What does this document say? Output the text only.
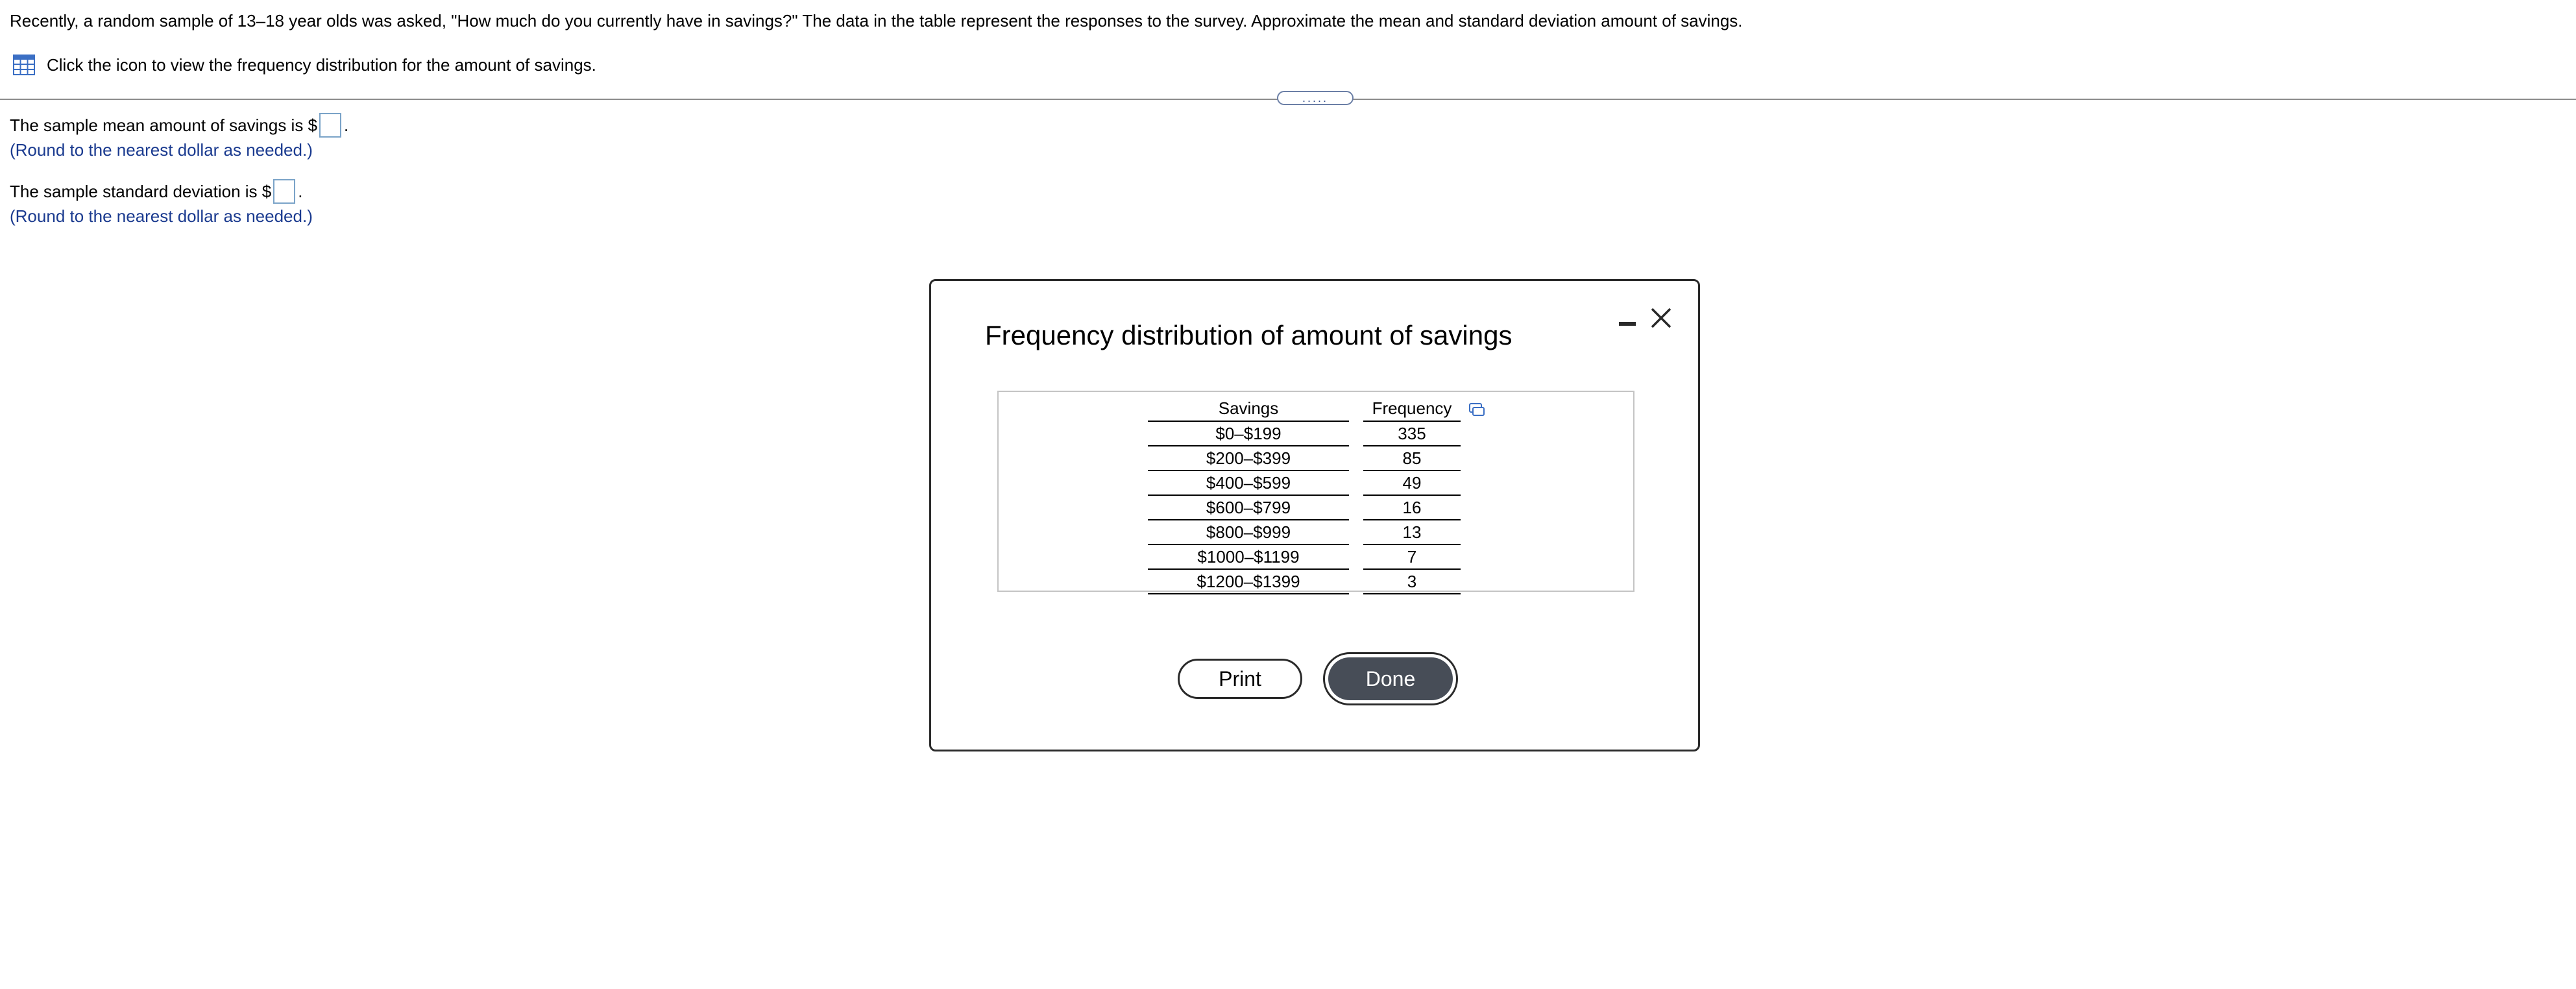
Recently, a random sample of 13–18 year olds was asked, "How much do you currently have in savings?" The data in the table represent the responses to the survey. Approximate the mean and standard deviation amount of savings.
Click the icon to view the frequency distribution for the amount of savings.
.....
The sample mean amount of savings is $ .
(Round to the nearest dollar as needed.)
The sample standard deviation is $ .
(Round to the nearest dollar as needed.)
Frequency distribution of amount of savings
Savings		Frequency
$0–$199		335
$200–$399		85
$400–$599		49
$600–$799		16
$800–$999		13
$1000–$1199		7
$1200–$1399		3
Print	Done
